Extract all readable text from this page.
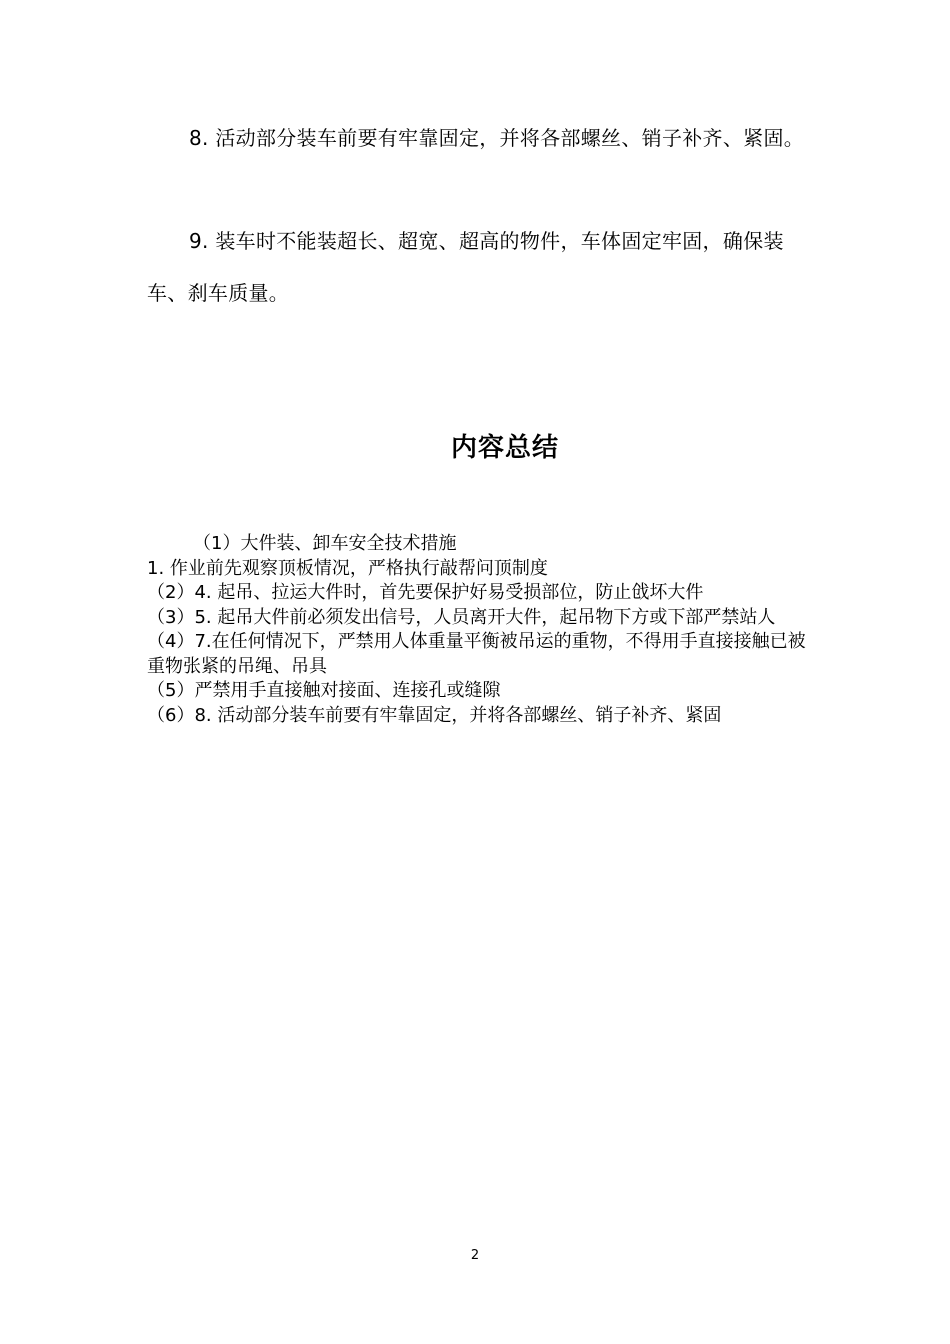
8. 活动部分装车前要有牢靠固定，并将各部螺丝、销子补齐、紧固。

9. 装车时不能装超长、超宽、超高的物件，车体固定牢固，确保装车、刹车质量。

内容总结
（1）大件装、卸车安全技术措施
1. 作业前先观察顶板情况，严格执行敲帮问顶制度
（2）4. 起吊、拉运大件时，首先要保护好易受损部位，防止戗坏大件
（3）5. 起吊大件前必须发出信号，人员离开大件，起吊物下方或下部严禁站人
（4）7.在任何情况下，严禁用人体重量平衡被吊运的重物，不得用手直接接触已被重物张紧的吊绳、吊具
（5）严禁用手直接触对接面、连接孔或缝隙
（6）8. 活动部分装车前要有牢靠固定，并将各部螺丝、销子补齐、紧固
2
